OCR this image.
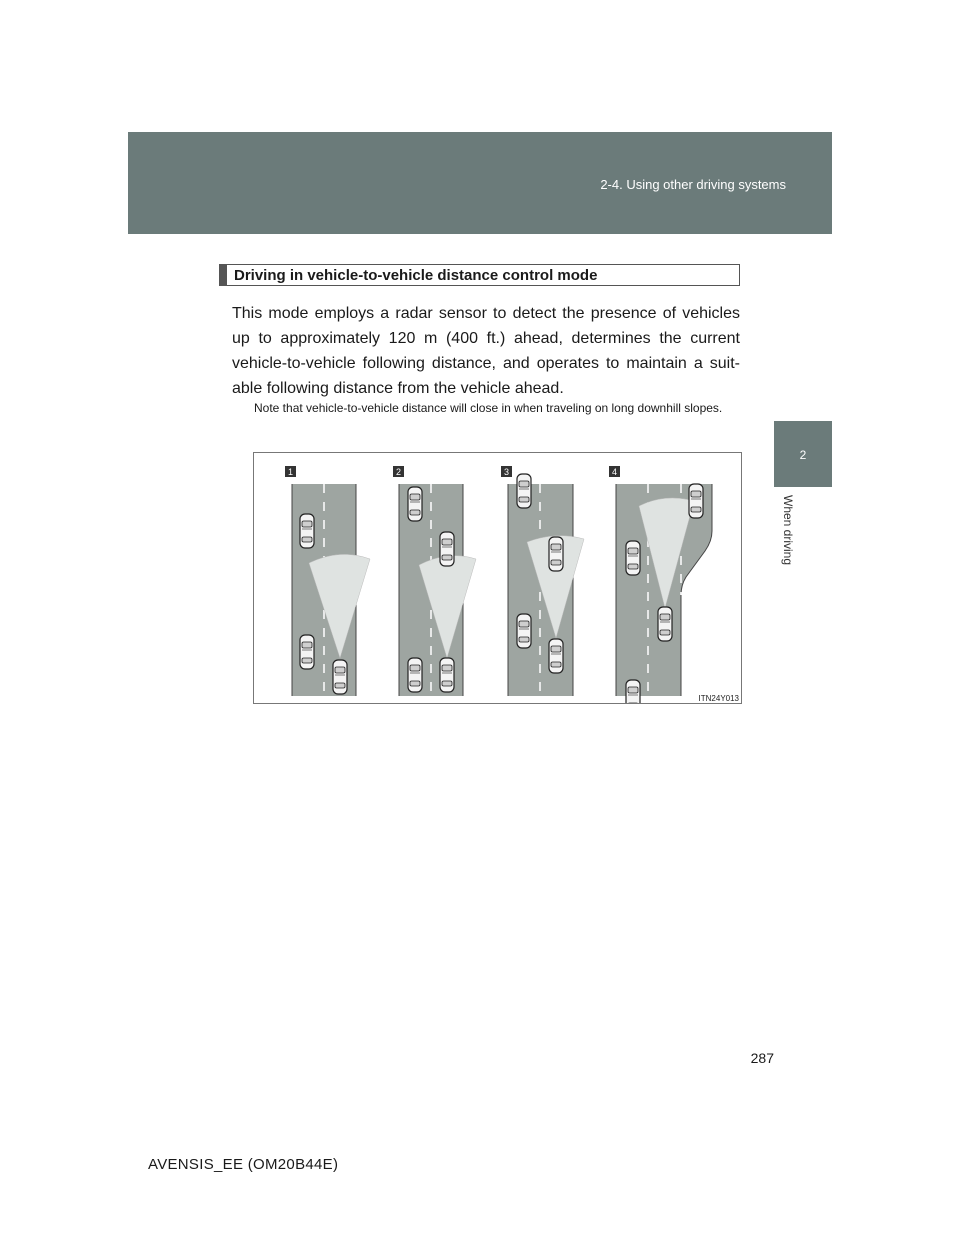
2-4. Using other driving systems
2
When driving
Driving in vehicle-to-vehicle distance control mode
This mode employs a radar sensor to detect the presence of vehicles up to approximately 120 m (400 ft.) ahead, determines the current vehicle-to-vehicle following distance, and operates to maintain a suit-able following distance from the vehicle ahead.
Note that vehicle-to-vehicle distance will close in when traveling on long downhill slopes.
1	2	3	4
ITN24Y013
287
AVENSIS_EE (OM20B44E)
